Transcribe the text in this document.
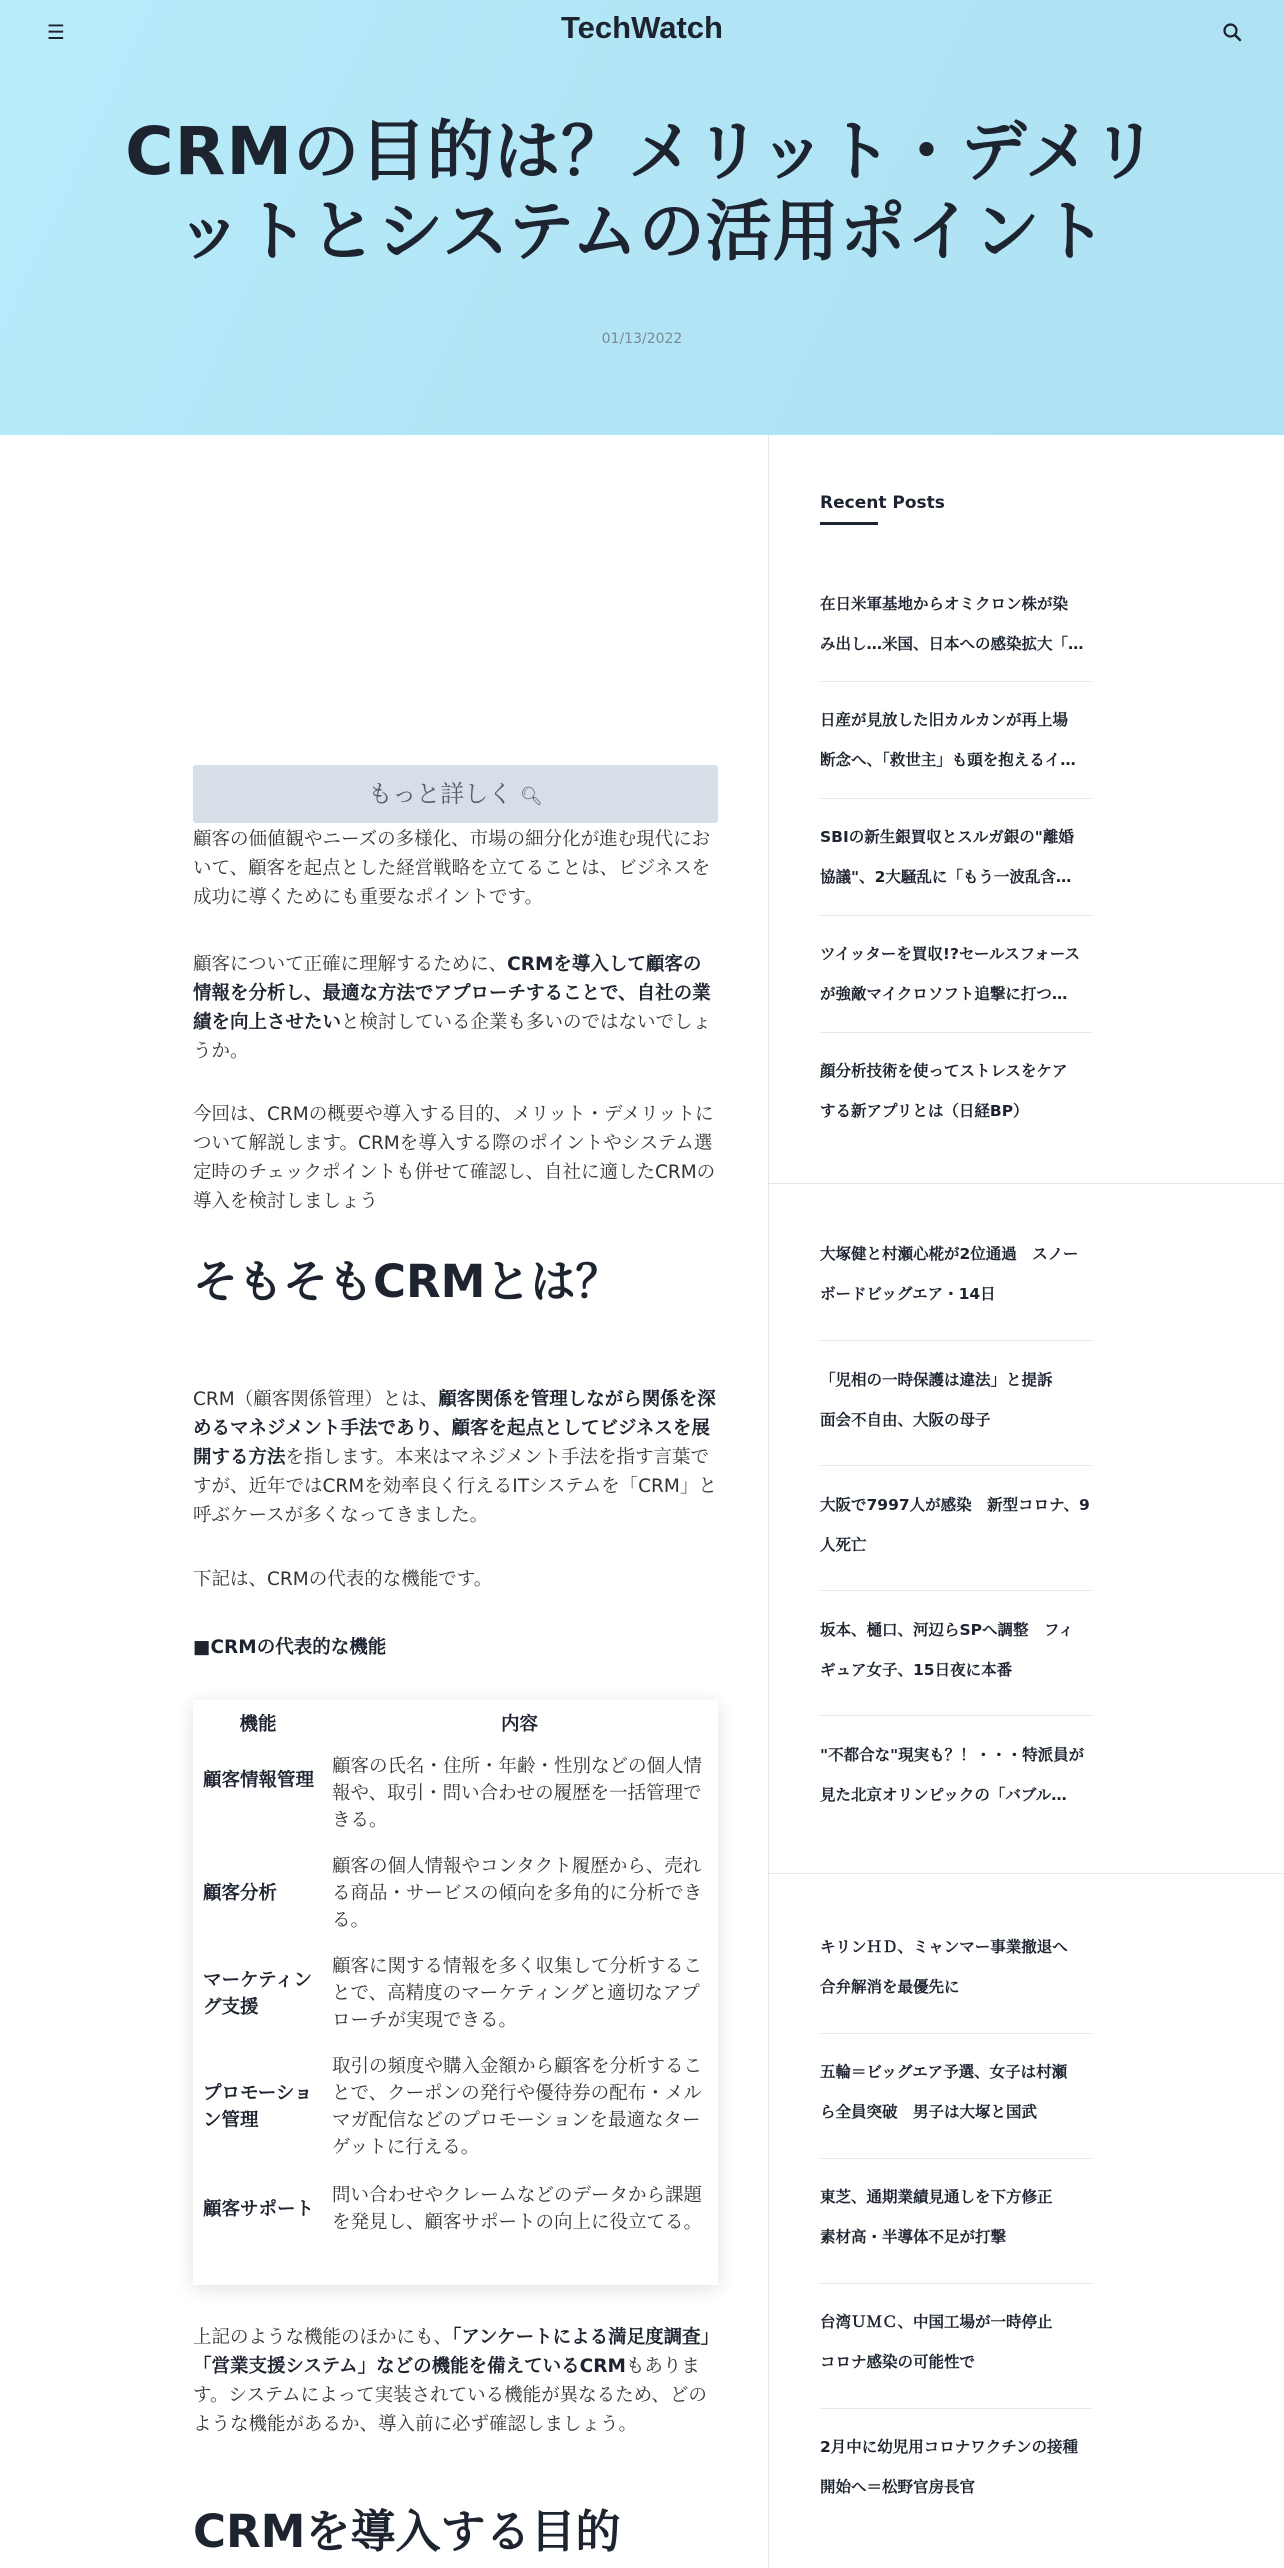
☰	TechWatch
CRMの目的は？メリット・デメリ
ットとシステムの活用ポイント
01/13/2022
もっと詳しく 🔍︎
顧客の価値観やニーズの多様化、市場の細分化が進む現代において、顧客を起点とした経営戦略を立てることは、ビジネスを成功に導くためにも重要なポイントです。
顧客について正確に理解するために、CRMを導入して顧客の情報を分析し、最適な方法でアプローチすることで、自社の業績を向上させたいと検討している企業も多いのではないでしょうか。
今回は、CRMの概要や導入する目的、メリット・デメリットについて解説します。CRMを導入する際のポイントやシステム選定時のチェックポイントも併せて確認し、自社に適したCRMの導入を検討しましょう
そもそもCRMとは？
CRM（顧客関係管理）とは、顧客関係を管理しながら関係を深めるマネジメント手法であり、顧客を起点としてビジネスを展開する方法を指します。本来はマネジメント手法を指す言葉ですが、近年ではCRMを効率良く行えるITシステムを「CRM」と呼ぶケースが多くなってきました。
下記は、CRMの代表的な機能です。
■CRMの代表的な機能
機能	内容
顧客情報管理
顧客の氏名・住所・年齢・性別などの個人情報や、取引・問い合わせの履歴を一括管理できる。
顧客分析
顧客の個人情報やコンタクト履歴から、売れる商品・サービスの傾向を多角的に分析できる。
マーケティング支援
顧客に関する情報を多く収集して分析することで、高精度のマーケティングと適切なアプローチが実現できる。
プロモーション管理
取引の頻度や購入金額から顧客を分析することで、クーポンの発行や優待券の配布・メルマガ配信などのプロモーションを最適なターゲットに行える。
顧客サポート
問い合わせやクレームなどのデータから課題を発見し、顧客サポートの向上に役立てる。
上記のような機能のほかにも、「アンケートによる満足度調査」「営業支援システム」などの機能を備えているCRMもあります。システムによって実装されている機能が異なるため、どのような機能があるか、導入前に必ず確認しましょう。
CRMを導入する目的
Recent Posts
在日米軍基地からオミクロン株が染
み出し…米国、日本への感染拡大「…
日産が見放した旧カルカンが再上場
断念へ、「救世主」も頭を抱えるイ…
SBIの新生銀買収とスルガ銀の"離婚
協議"、2大騒乱に「もう一波乱含…
ツイッターを買収!?セールスフォース
が強敵マイクロソフト追撃に打つ…
顔分析技術を使ってストレスをケア
する新アプリとは（日経BP）
大塚健と村瀬心椛が2位通過　スノー
ボードビッグエア・14日
「児相の一時保護は違法」と提訴
面会不自由、大阪の母子
大阪で7997人が感染　新型コロナ、9
人死亡
坂本、樋口、河辺らSPへ調整　フィ
ギュア女子、15日夜に本番
"不都合な"現実も？！・・・特派員が
見た北京オリンピックの「バブル…
キリンＨＤ、ミャンマー事業撤退へ
合弁解消を最優先に
五輪＝ビッグエア予選、女子は村瀬
ら全員突破　男子は大塚と国武
東芝、通期業績見通しを下方修正
素材高・半導体不足が打撃
台湾ＵＭＣ、中国工場が一時停止
コロナ感染の可能性で
2月中に幼児用コロナワクチンの接種
開始へ＝松野官房長官
